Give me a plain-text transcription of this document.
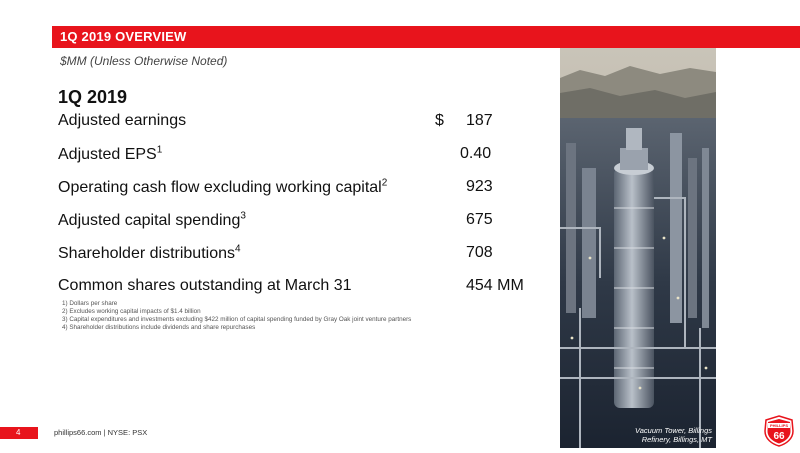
1Q 2019 OVERVIEW
$MM (Unless Otherwise Noted)
1Q 2019
Adjusted earnings	$ 187
Adjusted EPS$^1$	0.40
Operating cash flow excluding working capital$^2$	923
Adjusted capital spending$^3$	675
Shareholder distributions$^4$	708
Common shares outstanding at March 31	454 MM
1) Dollars per share
2) Excludes working capital impacts of $1.4 billion
3) Capital expenditures and investments excluding $422 million of capital spending funded by Gray Oak joint venture partners
4) Shareholder distributions include dividends and share repurchases
Vacuum Tower, Billings
Refinery, Billings, MT
4	phillips66.com | NYSE: PSX
PHILLIPS
66
